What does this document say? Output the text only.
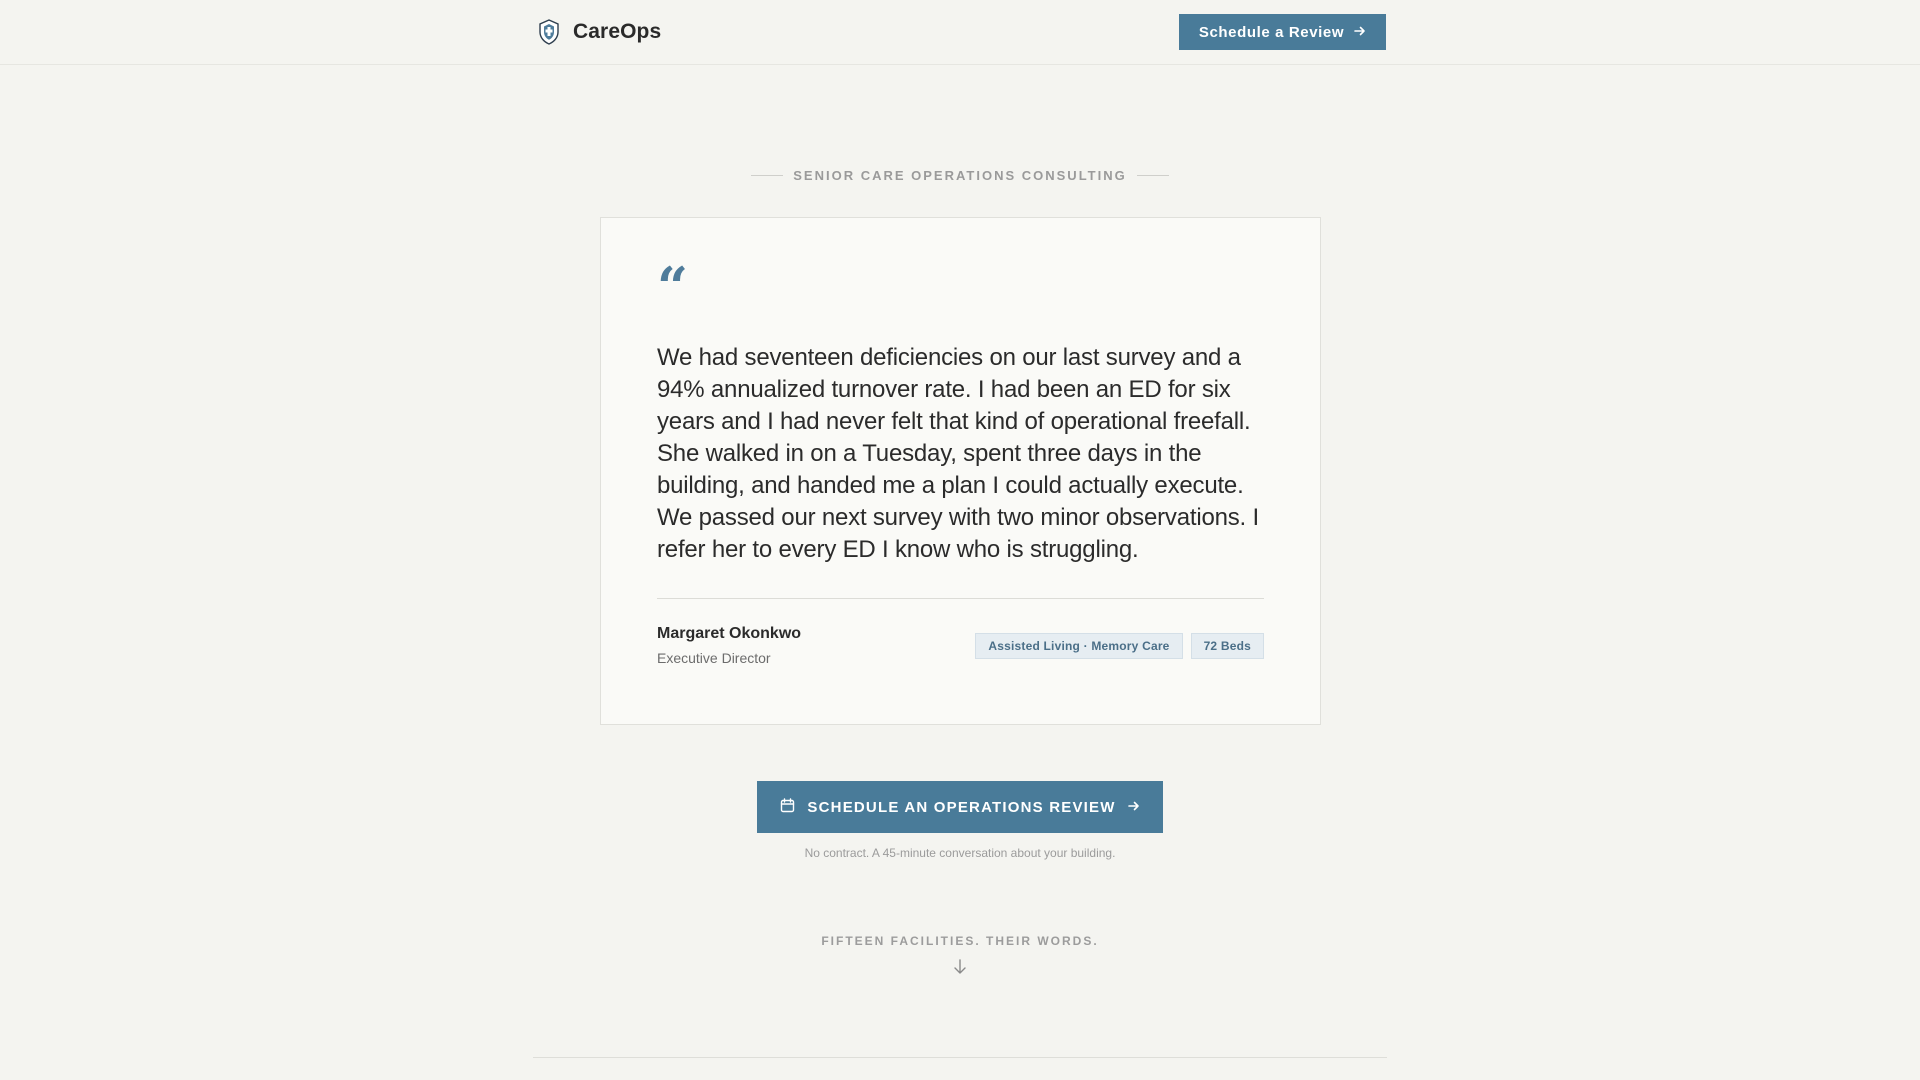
CareOps	Schedule a Review
SENIOR CARE OPERATIONS CONSULTING
“

We had seventeen deficiencies on our last survey and a 94% annualized turnover rate. I had been an ED for six years and I had never felt that kind of operational freefall. She walked in on a Tuesday, spent three days in the building, and handed me a plan I could actually execute. We passed our next survey with two minor observations. I refer her to every ED I know who is struggling.

Margaret Okonkwo
Executive Director
Assisted Living · Memory Care	72 Beds
SCHEDULE AN OPERATIONS REVIEW
No contract. A 45-minute conversation about your building.
FIFTEEN FACILITIES. THEIR WORDS.
